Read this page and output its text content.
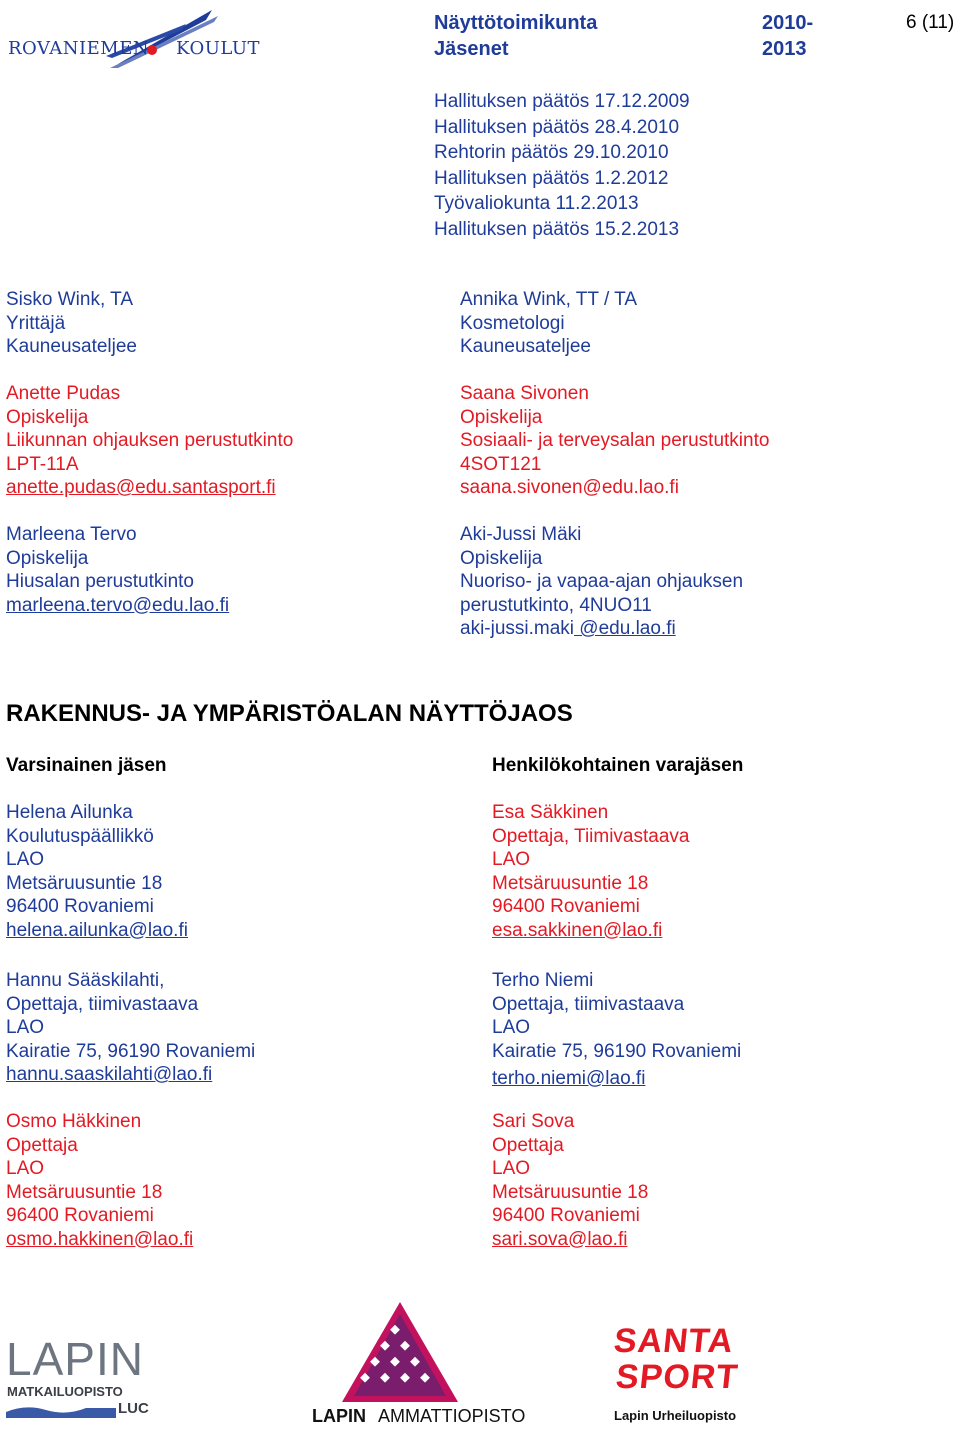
ROVANIEMEN KOULUT
Näyttötoimikunta	2010-
Jäsenet	2013
6 (11)
Hallituksen päätös 17.12.2009
Hallituksen päätös 28.4.2010
Rehtorin päätös 29.10.2010
Hallituksen päätös 1.2.2012
Työvaliokunta 11.2.2013
Hallituksen päätös 15.2.2013
Sisko Wink, TA
Yrittäjä
Kauneusateljee
Anette Pudas
Opiskelija
Liikunnan ohjauksen perustutkinto
LPT-11A
anette.pudas@edu.santasport.fi
Marleena Tervo
Opiskelija
Hiusalan perustutkinto
marleena.tervo@edu.lao.fi
Annika Wink, TT / TA
Kosmetologi
Kauneusateljee
Saana Sivonen
Opiskelija
Sosiaali- ja terveysalan perustutkinto
4SOT121
saana.sivonen@edu.lao.fi
Aki-Jussi Mäki
Opiskelija
Nuoriso- ja vapaa-ajan ohjauksen
perustutkinto, 4NUO11
aki-jussi.maki @edu.lao.fi
RAKENNUS- JA YMPÄRISTÖALAN NÄYTTÖJAOS
Varsinainen jäsen	Henkilökohtainen varajäsen
Helena Ailunka
Koulutuspäällikkö
LAO
Metsäruusuntie 18
96400 Rovaniemi
helena.ailunka@lao.fi
Hannu Sääskilahti,
Opettaja, tiimivastaava
LAO
Kairatie 75, 96190 Rovaniemi
hannu.saaskilahti@lao.fi
Osmo Häkkinen
Opettaja
LAO
Metsäruusuntie 18
96400 Rovaniemi
osmo.hakkinen@lao.fi
Esa Säkkinen
Opettaja, Tiimivastaava
LAO
Metsäruusuntie 18
96400 Rovaniemi
esa.sakkinen@lao.fi
Terho Niemi
Opettaja, tiimivastaava
LAO
Kairatie 75, 96190 Rovaniemi
terho.niemi@lao.fi
Sari Sova
Opettaja
LAO
Metsäruusuntie 18
96400 Rovaniemi
sari.sova@lao.fi
LAPIN
MATKAILUOPISTO
LUC	LAPIN AMMATTIOPISTO
SANTA
SPORT
Lapin Urheiluopisto
